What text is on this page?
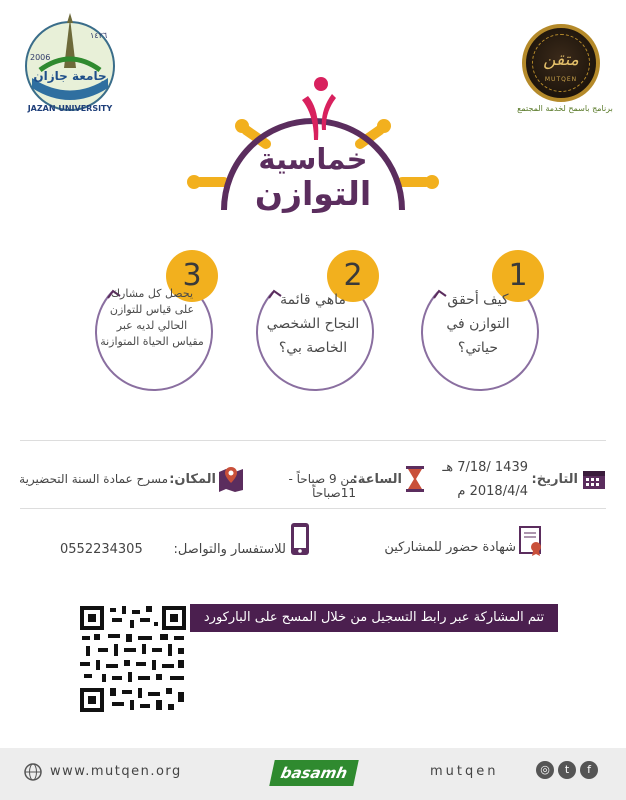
2006
١٤٢٦
جامعة جازان
JAZAN UNIVERSITY
متقن
MUTQEN
برنامج باسمح لخدمة المجتمع
خماسية
التوازن
1
كيف أحقق التوازن في حياتي؟
2
ماهي قائمة النجاح الشخصي الخاصة بي؟
3
يحصل كل مشارك على قياس للتوازن الحالي لديه عبر مقياس الحياة المتوازنة
التاريخ:
1439 /7/18 هـ
2018/4/4 م
الساعة:
من 9 صباحاً - 11صباحاً
المكان:
مسرح عمادة السنة التحضيرية
شهادة حضور للمشاركين
للاستفسار والتواصل:
0552234305
تتم المشاركة عبر رابط التسجيل من خلال المسح على الباركورد
www.mutqen.org	basamh	mutqen	◎	t	f
